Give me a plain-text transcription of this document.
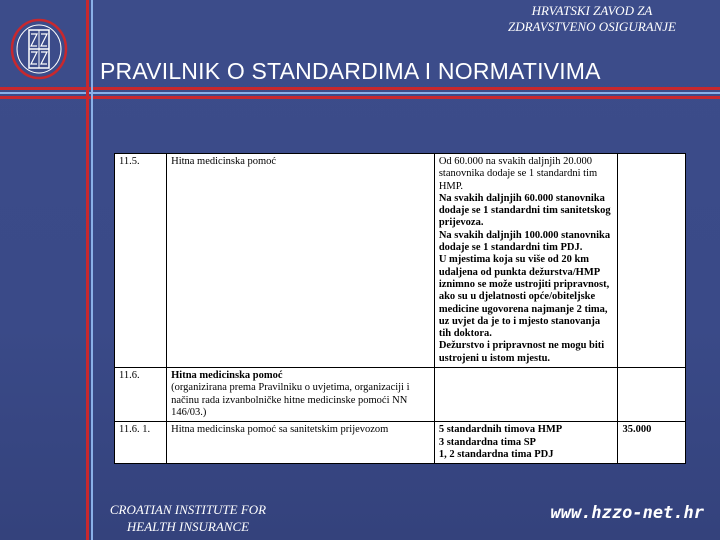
HRVATSKI ZAVOD ZA
ZDRAVSTVENO OSIGURANJE
PRAVILNIK O STANDARDIMA I NORMATIVIMA
11.5.	Hitna medicinska pomoć	Od 60.000 na svakih daljnjih 20.000 stanovnika dodaje se 1 standardni tim HMP.
Na svakih daljnjih 60.000 stanovnika dodaje se 1 standardni tim sanitetskog prijevoza.
Na svakih daljnjih 100.000 stanovnika dodaje se 1 standardni tim PDJ.
U mjestima koja su više od 20 km udaljena od punkta dežurstva/HMP iznimno se može ustrojiti pripravnost, ako su u djelatnosti opće/obiteljske medicine ugovorena najmanje 2 tima, uz uvjet da je to i mjesto stanovanja tih doktora.
Dežurstvo i pripravnost ne mogu biti ustrojeni u istom mjestu.	

11.6.	Hitna medicinska pomoć
(organizirana prema Pravilniku o uvjetima, organizaciji i načinu rada izvanbolničke hitne medicinske pomoći NN 146/03.)		

11.6. 1.	Hitna medicinska pomoć sa sanitetskim prijevozom	5 standardnih timova HMP
3 standardna tima SP
1, 2 standardna tima PDJ	35.000
CROATIAN INSTITUTE FOR
HEALTH INSURANCE
www.hzzo-net.hr
